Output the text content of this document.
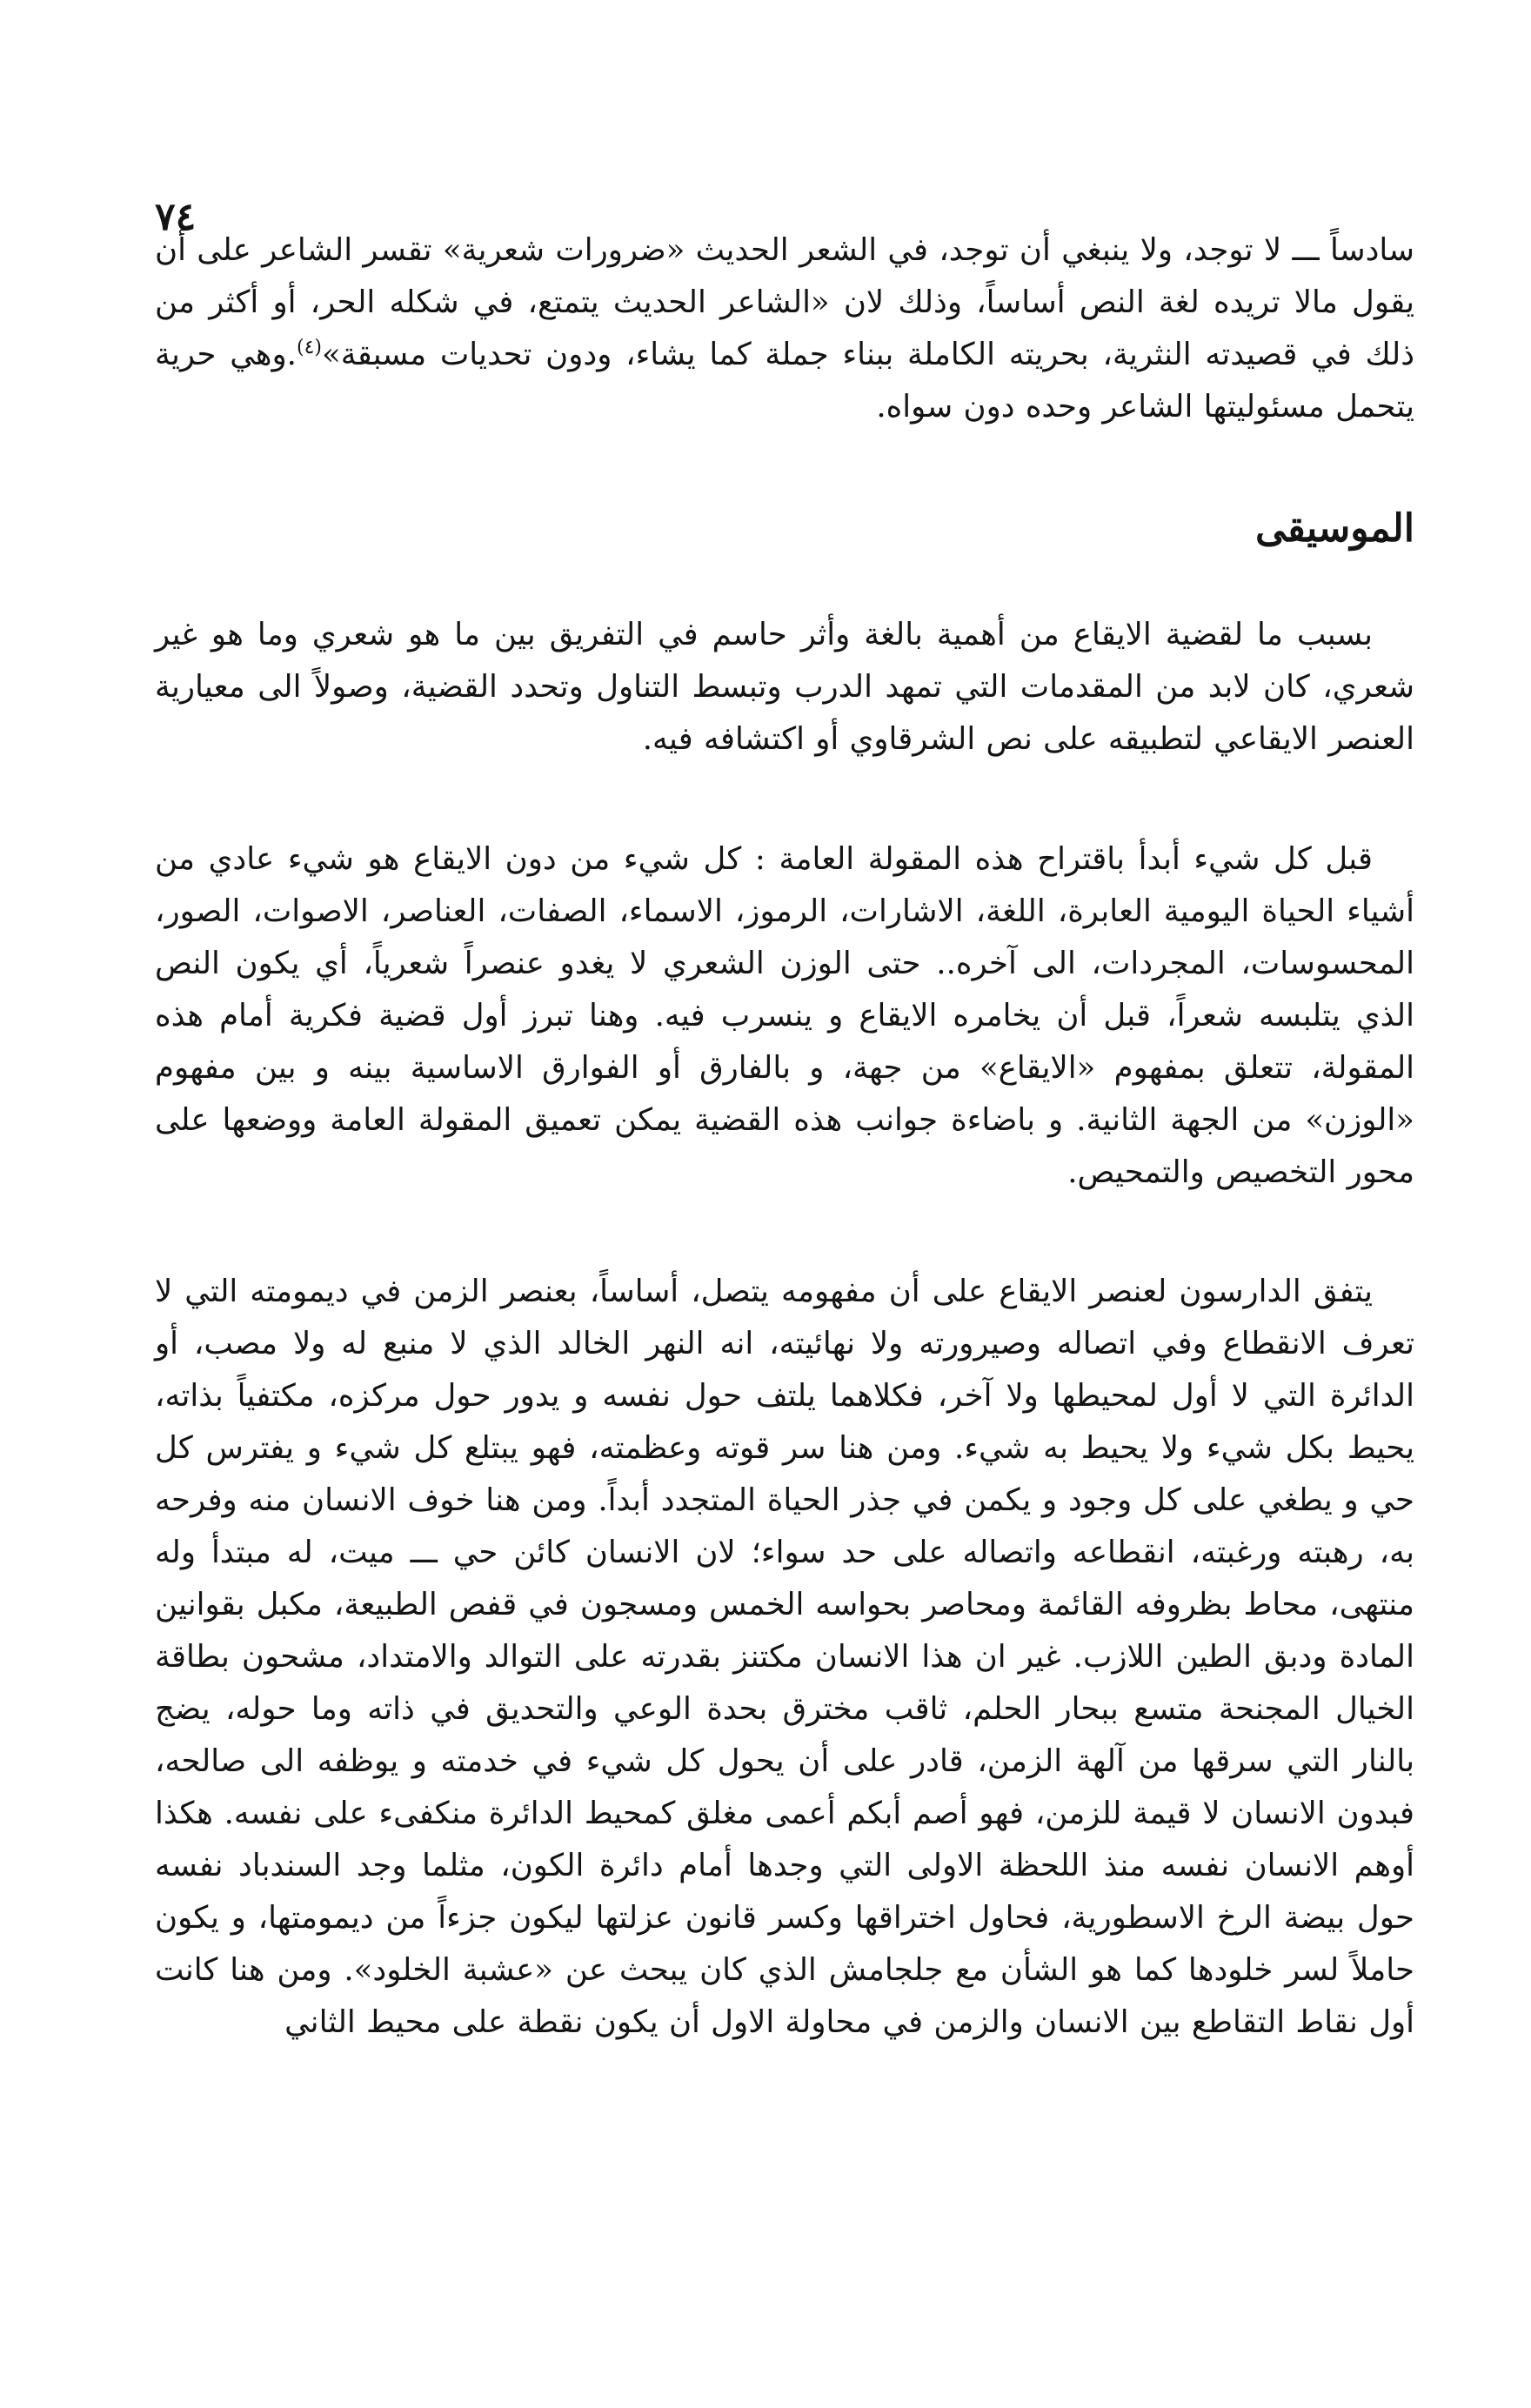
٧٤

سادساً ـــ لا توجد، ولا ينبغي أن توجد، في الشعر الحديث «ضرورات شعرية» تقسر الشاعر على أن يقول مالا تريده لغة النص أساساً، وذلك لان «الشاعر الحديث يتمتع، في شكله الحر، أو أكثر من ذلك في قصيدته النثرية، بحريته الكاملة ببناء جملة كما يشاء، ودون تحديات مسبقة»$^{(٤)}$.وهي حرية يتحمل مسئوليتها الشاعر وحده دون سواه.

الموسيقى

بسبب ما لقضية الايقاع من أهمية بالغة وأثر حاسم في التفريق بين ما هو شعري وما هو غير شعري، كان لابد من المقدمات التي تمهد الدرب وتبسط التناول وتحدد القضية، وصولاً الى معيارية العنصر الايقاعي لتطبيقه على نص الشرقاوي أو اكتشافه فيه.

قبل كل شيء أبدأ باقتراح هذه المقولة العامة : كل شيء من دون الايقاع هو شيء عادي من أشياء الحياة اليومية العابرة، اللغة، الاشارات، الرموز، الاسماء، الصفات، العناصر، الاصوات، الصور، المحسوسات، المجردات، الى آخره.. حتى الوزن الشعري لا يغدو عنصراً شعرياً، أي يكون النص الذي يتلبسه شعراً، قبل أن يخامره الايقاع و ينسرب فيه. وهنا تبرز أول قضية فكرية أمام هذه المقولة، تتعلق بمفهوم «الايقاع» من جهة، و بالفارق أو الفوارق الاساسية بينه و بين مفهوم «الوزن» من الجهة الثانية. و باضاءة جوانب هذه القضية يمكن تعميق المقولة العامة ووضعها على محور التخصيص والتمحيص.

يتفق الدارسون لعنصر الايقاع على أن مفهومه يتصل، أساساً، بعنصر الزمن في ديمومته التي لا تعرف الانقطاع وفي اتصاله وصيرورته ولا نهائيته، انه النهر الخالد الذي لا منبع له ولا مصب، أو الدائرة التي لا أول لمحيطها ولا آخر، فكلاهما يلتف حول نفسه و يدور حول مركزه، مكتفياً بذاته، يحيط بكل شيء ولا يحيط به شيء. ومن هنا سر قوته وعظمته، فهو يبتلع كل شيء و يفترس كل حي و يطغي على كل وجود و يكمن في جذر الحياة المتجدد أبداً. ومن هنا خوف الانسان منه وفرحه به، رهبته ورغبته، انقطاعه واتصاله على حد سواء؛ لان الانسان كائن حي ـــ ميت، له مبتدأ وله منتهى، محاط بظروفه القائمة ومحاصر بحواسه الخمس ومسجون في قفص الطبيعة، مكبل بقوانين المادة ودبق الطين اللازب. غير ان هذا الانسان مكتنز بقدرته على التوالد والامتداد، مشحون بطاقة الخيال المجنحة متسع ببحار الحلم، ثاقب مخترق بحدة الوعي والتحديق في ذاته وما حوله، يضج بالنار التي سرقها من آلهة الزمن، قادر على أن يحول كل شيء في خدمته و يوظفه الى صالحه، فبدون الانسان لا قيمة للزمن، فهو أصم أبكم أعمى مغلق كمحيط الدائرة منكفىء على نفسه. هكذا أوهم الانسان نفسه منذ اللحظة الاولى التي وجدها أمام دائرة الكون، مثلما وجد السندباد نفسه حول بيضة الرخ الاسطورية، فحاول اختراقها وكسر قانون عزلتها ليكون جزءاً من ديمومتها، و يكون حاملاً لسر خلودها كما هو الشأن مع جلجامش الذي كان يبحث عن «عشبة الخلود». ومن هنا كانت أول نقاط التقاطع بين الانسان والزمن في محاولة الاول أن يكون نقطة على محيط الثاني
